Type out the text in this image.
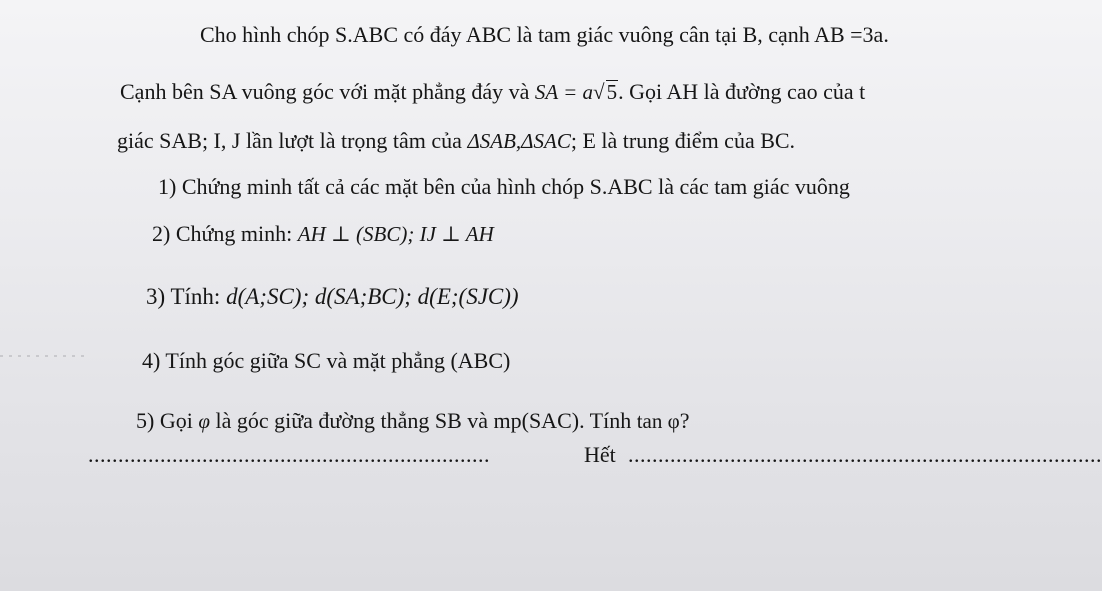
Cho hình chóp S.ABC có đáy ABC là tam giác vuông cân tại B, cạnh AB =3a.
Cạnh bên SA vuông góc với mặt phẳng đáy và SA = a√5. Gọi AH là đường cao của t
giác SAB; I, J lần lượt là trọng tâm của ΔSAB,ΔSAC; E là trung điểm của BC.
1) Chứng minh tất cả các mặt bên của hình chóp S.ABC là các tam giác vuông
2) Chứng minh: AH ⊥ (SBC); IJ ⊥ AH
3) Tính: d(A;SC); d(SA;BC); d(E;(SJC))
4) Tính góc giữa SC và mặt phẳng (ABC)
5) Gọi φ là góc giữa đường thẳng SB và mp(SAC). Tính tan φ?
...................................................................	Hết ...............................................................................
